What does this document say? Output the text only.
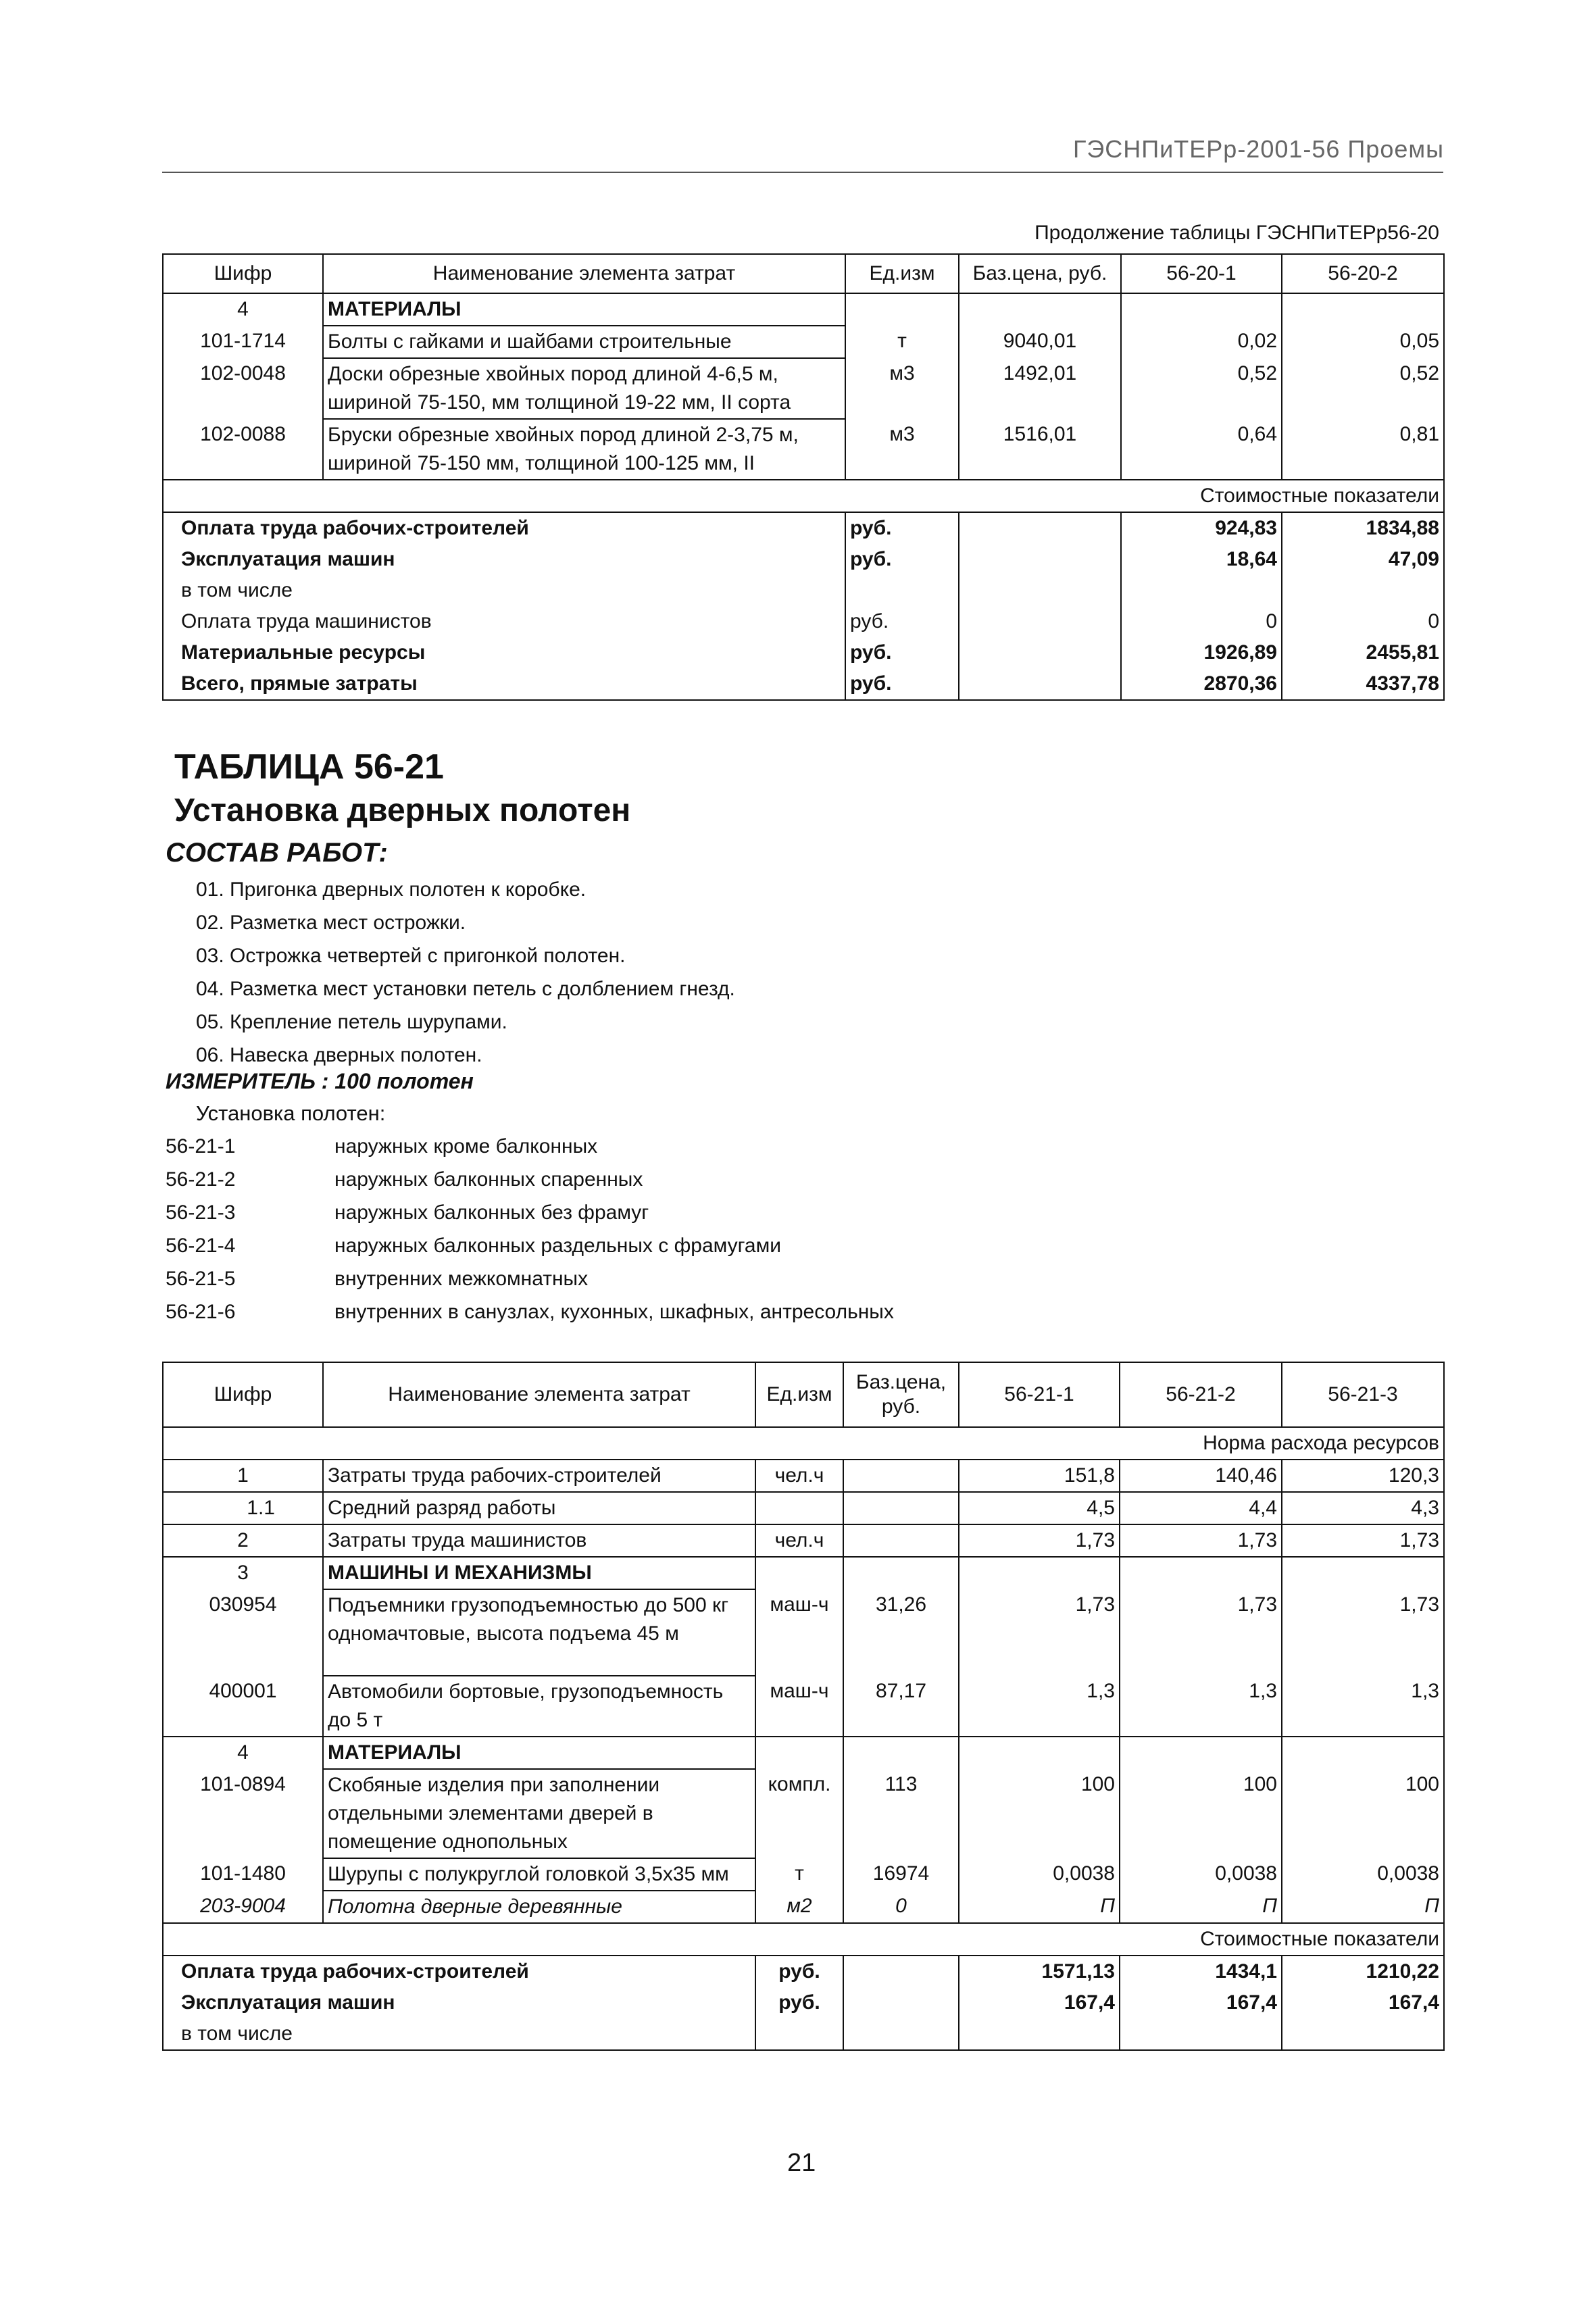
ГЭСНПиТЕРр-2001-56 Проемы
Продолжение таблицы ГЭСНПиТЕРр56-20
Шифр	Наименование элемента затрат	Ед.изм	Баз.цена, руб.	56-20-1	56-20-2
4	МАТЕРИАЛЫ				
101-1714	Болты с гайками и шайбами строительные	т	9040,01	0,02	0,05
102-0048	Доски обрезные хвойных пород длиной 4-6,5 м, шириной 75-150, мм толщиной 19-22 мм, II сорта	м3	1492,01	0,52	0,52
102-0088	Бруски обрезные хвойных пород длиной 2-3,75 м, шириной 75-150 мм, толщиной 100-125 мм, II	м3	1516,01	0,64	0,81
Стоимостные показатели					
Оплата труда рабочих-строителей		руб.		924,83	1834,88
Эксплуатация машин		руб.		18,64	47,09
в том числе					
Оплата труда машинистов		руб.		0	0
Материальные ресурсы		руб.		1926,89	2455,81
Всего, прямые затраты		руб.		2870,36	4337,78
ТАБЛИЦА 56-21
Установка дверных полотен
СОСТАВ РАБОТ:
01. Пригонка дверных полотен к коробке.
02. Разметка мест острожки.
03. Острожка четвертей с пригонкой полотен.
04. Разметка мест установки петель с долблением гнезд.
05. Крепление петель шурупами.
06. Навеска дверных полотен.
ИЗМЕРИТЕЛЬ : 100 полотен
Установка полотен:
56-21-1	наружных кроме балконных
56-21-2	наружных балконных спаренных
56-21-3	наружных балконных без фрамуг
56-21-4	наружных балконных раздельных с фрамугами
56-21-5	внутренних межкомнатных
56-21-6	внутренних в санузлах, кухонных, шкафных, антресольных
Шифр	Наименование элемента затрат	Ед.изм	Баз.цена, руб.	56-21-1	56-21-2	56-21-3
Норма расхода ресурсов						
1	Затраты труда рабочих-строителей	чел.ч		151,8	140,46	120,3
1.1	Средний разряд работы			4,5	4,4	4,3
2	Затраты труда машинистов	чел.ч		1,73	1,73	1,73
3	МАШИНЫ И МЕХАНИЗМЫ					
030954	Подъемники грузоподъемностью до 500 кг одномачтовые, высота подъема 45 м	маш-ч	31,26	1,73	1,73	1,73
400001	Автомобили бортовые, грузоподъемность до 5 т	маш-ч	87,17	1,3	1,3	1,3
4	МАТЕРИАЛЫ					
101-0894	Скобяные изделия при заполнении отдельными элементами дверей в помещение однопольных	компл.	113	100	100	100
101-1480	Шурупы с полукруглой головкой 3,5х35 мм	т	16974	0,0038	0,0038	0,0038
203-9004	Полотна дверные деревянные	м2	0	П	П	П
Стоимостные показатели						
Оплата труда рабочих-строителей		руб.		1571,13	1434,1	1210,22
Эксплуатация машин		руб.		167,4	167,4	167,4
в том числе						
21
